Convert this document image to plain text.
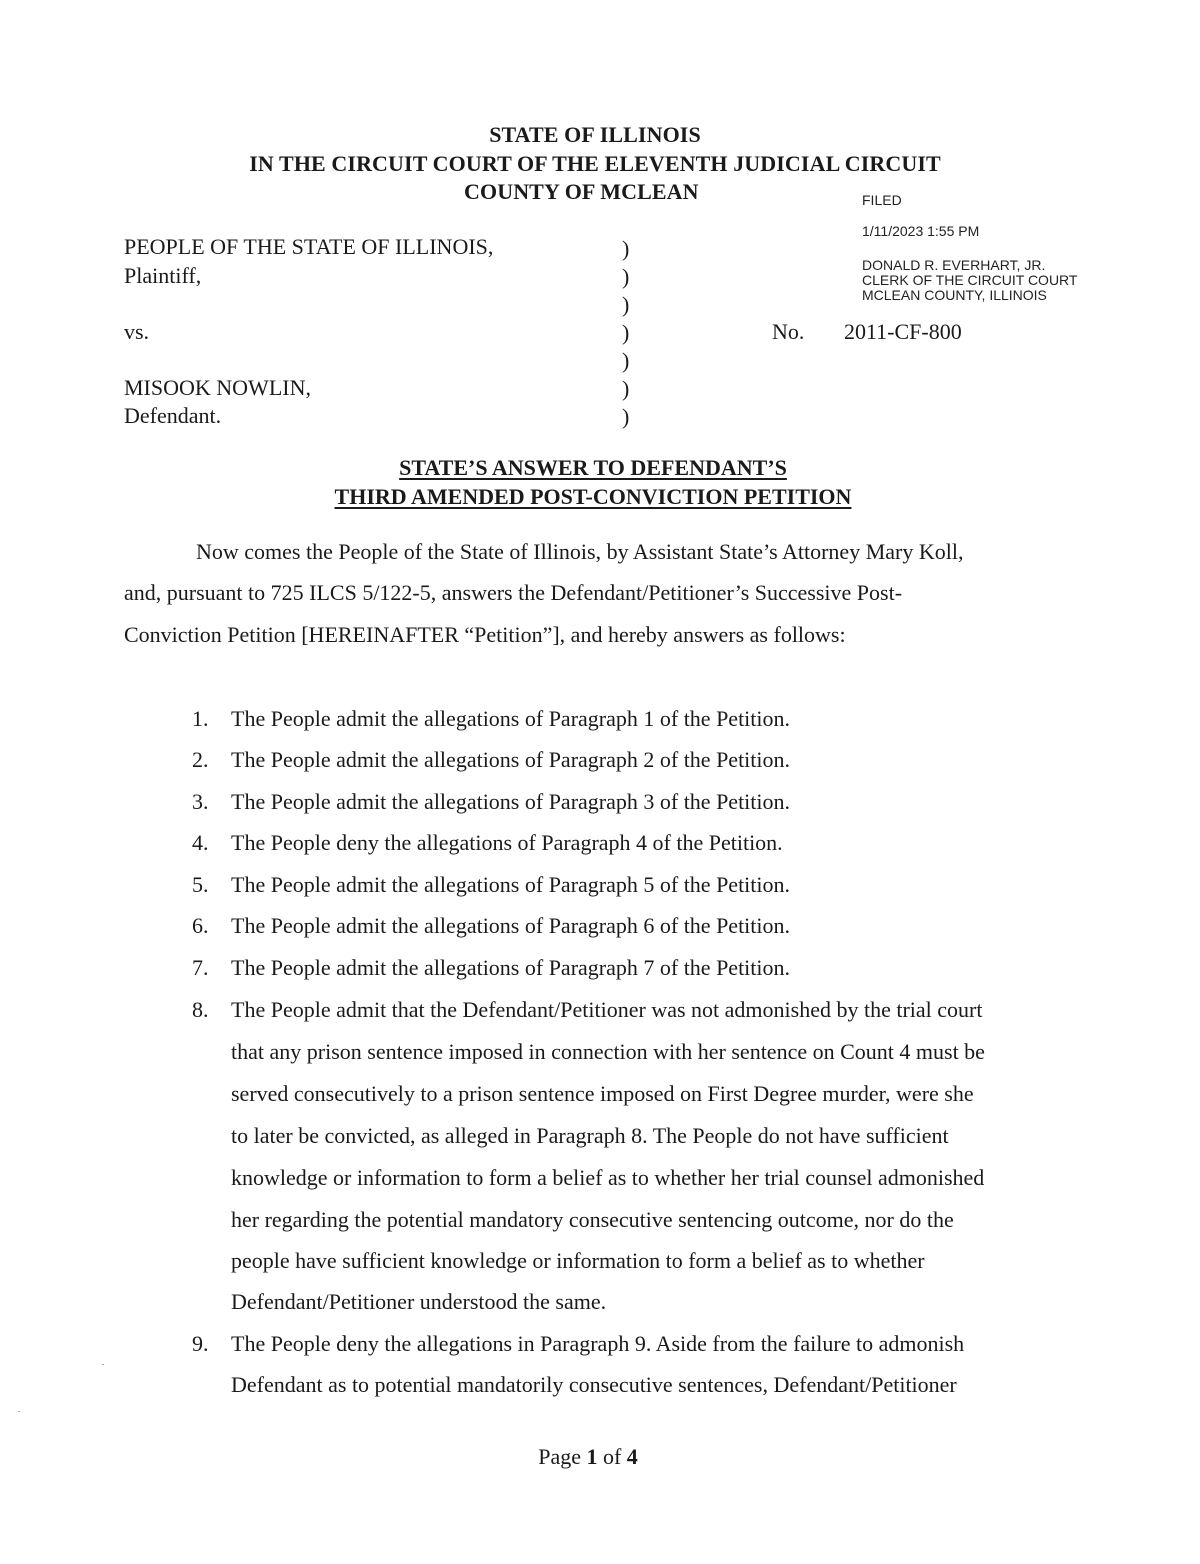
STATE OF ILLINOIS
IN THE CIRCUIT COURT OF THE ELEVENTH JUDICIAL CIRCUIT
COUNTY OF MCLEAN	FILED
1/11/2023 1:55 PM
DONALD R. EVERHART, JR.
CLERK OF THE CIRCUIT COURT
MCLEAN COUNTY, ILLINOIS
PEOPLE OF THE STATE OF ILLINOIS,
Plaintiff,
vs.
MISOOK NOWLIN,
Defendant.
)
)
)
)
)
)
)
No. 2011-CF-800
STATE’S ANSWER TO DEFENDANT’S
THIRD AMENDED POST-CONVICTION PETITION
Now comes the People of the State of Illinois, by Assistant State’s Attorney Mary Koll,
and, pursuant to 725 ILCS 5/122-5, answers the Defendant/Petitioner’s Successive Post-
Conviction Petition [HEREINAFTER “Petition”], and hereby answers as follows:
1. The People admit the allegations of Paragraph 1 of the Petition.
2. The People admit the allegations of Paragraph 2 of the Petition.
3. The People admit the allegations of Paragraph 3 of the Petition.
4. The People deny the allegations of Paragraph 4 of the Petition.
5. The People admit the allegations of Paragraph 5 of the Petition.
6. The People admit the allegations of Paragraph 6 of the Petition.
7. The People admit the allegations of Paragraph 7 of the Petition.
8. The People admit that the Defendant/Petitioner was not admonished by the trial court
that any prison sentence imposed in connection with her sentence on Count 4 must be
served consecutively to a prison sentence imposed on First Degree murder, were she
to later be convicted, as alleged in Paragraph 8. The People do not have sufficient
knowledge or information to form a belief as to whether her trial counsel admonished
her regarding the potential mandatory consecutive sentencing outcome, nor do the
people have sufficient knowledge or information to form a belief as to whether
Defendant/Petitioner understood the same.
9. The People deny the allegations in Paragraph 9. Aside from the failure to admonish
Defendant as to potential mandatorily consecutive sentences, Defendant/Petitioner
Page 1 of 4
